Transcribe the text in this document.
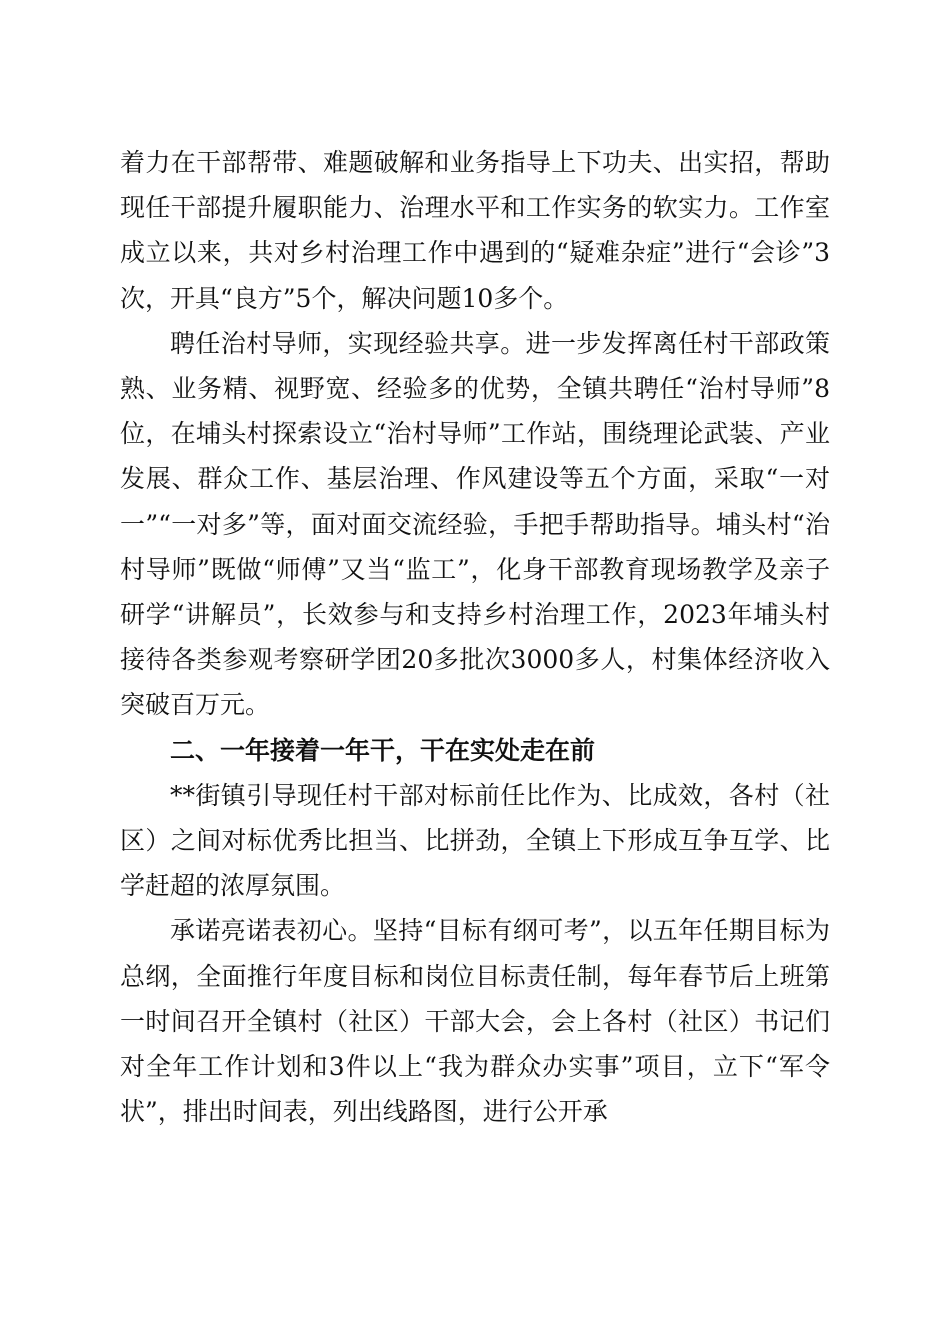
着力在干部帮带、难题破解和业务指导上下功夫、出实招，帮助现任干部提升履职能力、治理水平和工作实务的软实力。工作室成立以来，共对乡村治理工作中遇到的“疑难杂症”进行“会诊”3次，开具“良方”5个，解决问题10多个。

聘任治村导师，实现经验共享。进一步发挥离任村干部政策熟、业务精、视野宽、经验多的优势，全镇共聘任“治村导师”8位，在埔头村探索设立“治村导师”工作站，围绕理论武装、产业发展、群众工作、基层治理、作风建设等五个方面，采取“一对一”“一对多”等，面对面交流经验，手把手帮助指导。埔头村“治村导师”既做“师傅”又当“监工”，化身干部教育现场教学及亲子研学“讲解员”，长效参与和支持乡村治理工作，2023年埔头村接待各类参观考察研学团20多批次3000多人，村集体经济收入突破百万元。

二、一年接着一年干，干在实处走在前

**街镇引导现任村干部对标前任比作为、比成效，各村（社区）之间对标优秀比担当、比拼劲，全镇上下形成互争互学、比学赶超的浓厚氛围。

承诺亮诺表初心。坚持“目标有纲可考”，以五年任期目标为总纲，全面推行年度目标和岗位目标责任制，每年春节后上班第一时间召开全镇村（社区）干部大会，会上各村（社区）书记们对全年工作计划和3件以上“我为群众办实事”项目，立下“军令状”，排出时间表，列出线路图，进行公开承
